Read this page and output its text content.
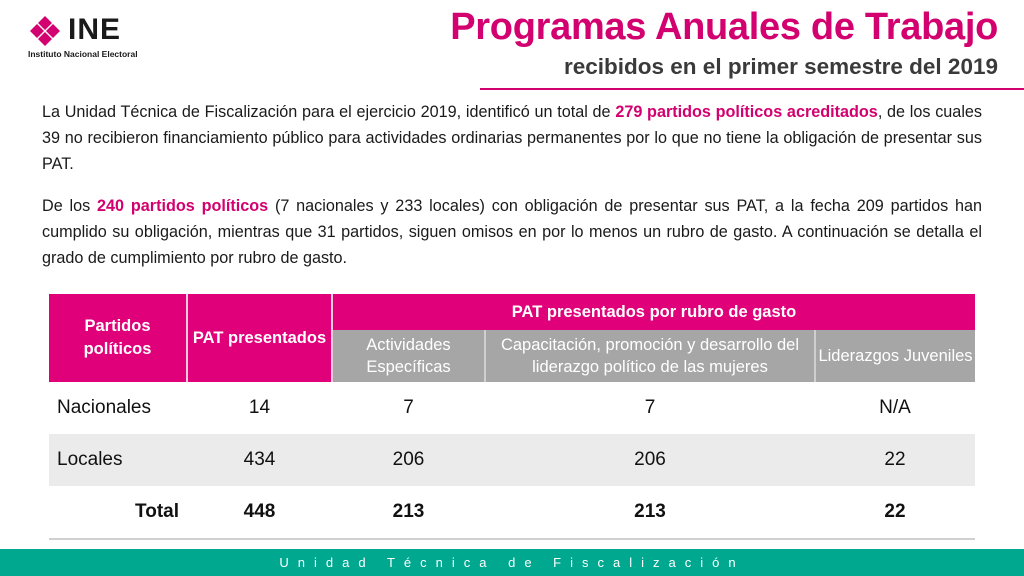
INE
Instituto Nacional Electoral
Programas Anuales de Trabajo
recibidos en el primer semestre del 2019

La Unidad Técnica de Fiscalización para el ejercicio 2019, identificó un total de 279 partidos políticos acreditados, de los cuales 39 no recibieron financiamiento público para actividades ordinarias permanentes por lo que no tiene la obligación de presentar sus PAT.

De los 240 partidos políticos (7 nacionales y 233 locales) con obligación de presentar sus PAT, a la fecha 209 partidos han cumplido su obligación, mientras que 31 partidos, siguen omisos en por lo menos un rubro de gasto. A continuación se detalla el grado de cumplimiento por rubro de gasto.

Partidos políticos	PAT presentados	PAT presentados por rubro de gasto		
		Actividades Específicas	Capacitación, promoción y desarrollo del liderazgo político de las mujeres	Liderazgos Juveniles
Nacionales	14	7	7	N/A
Locales	434	206	206	22
Total	448	213	213	22
Unidad Técnica de Fiscalización
